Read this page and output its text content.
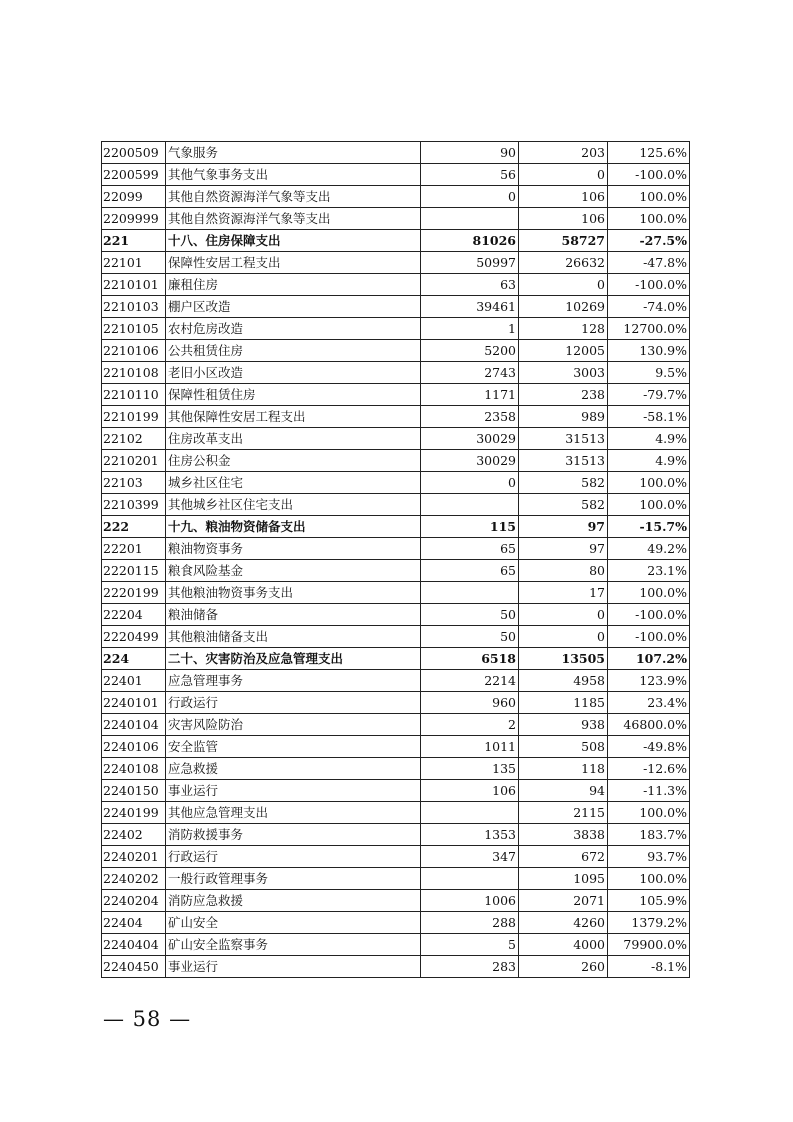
2200509	气象服务	90	203	125.6%
2200599	其他气象事务支出	56	0	-100.0%
22099	其他自然资源海洋气象等支出	0	106	100.0%
2209999	其他自然资源海洋气象等支出		106	100.0%
221	十八、住房保障支出	81026	58727	-27.5%
22101	保障性安居工程支出	50997	26632	-47.8%
2210101	廉租住房	63	0	-100.0%
2210103	棚户区改造	39461	10269	-74.0%
2210105	农村危房改造	1	128	12700.0%
2210106	公共租赁住房	5200	12005	130.9%
2210108	老旧小区改造	2743	3003	9.5%
2210110	保障性租赁住房	1171	238	-79.7%
2210199	其他保障性安居工程支出	2358	989	-58.1%
22102	住房改革支出	30029	31513	4.9%
2210201	住房公积金	30029	31513	4.9%
22103	城乡社区住宅	0	582	100.0%
2210399	其他城乡社区住宅支出		582	100.0%
222	十九、粮油物资储备支出	115	97	-15.7%
22201	粮油物资事务	65	97	49.2%
2220115	粮食风险基金	65	80	23.1%
2220199	其他粮油物资事务支出		17	100.0%
22204	粮油储备	50	0	-100.0%
2220499	其他粮油储备支出	50	0	-100.0%
224	二十、灾害防治及应急管理支出	6518	13505	107.2%
22401	应急管理事务	2214	4958	123.9%
2240101	行政运行	960	1185	23.4%
2240104	灾害风险防治	2	938	46800.0%
2240106	安全监管	1011	508	-49.8%
2240108	应急救援	135	118	-12.6%
2240150	事业运行	106	94	-11.3%
2240199	其他应急管理支出		2115	100.0%
22402	消防救援事务	1353	3838	183.7%
2240201	行政运行	347	672	93.7%
2240202	一般行政管理事务		1095	100.0%
2240204	消防应急救援	1006	2071	105.9%
22404	矿山安全	288	4260	1379.2%
2240404	矿山安全监察事务	5	4000	79900.0%
2240450	事业运行	283	260	-8.1%
— 58 —
